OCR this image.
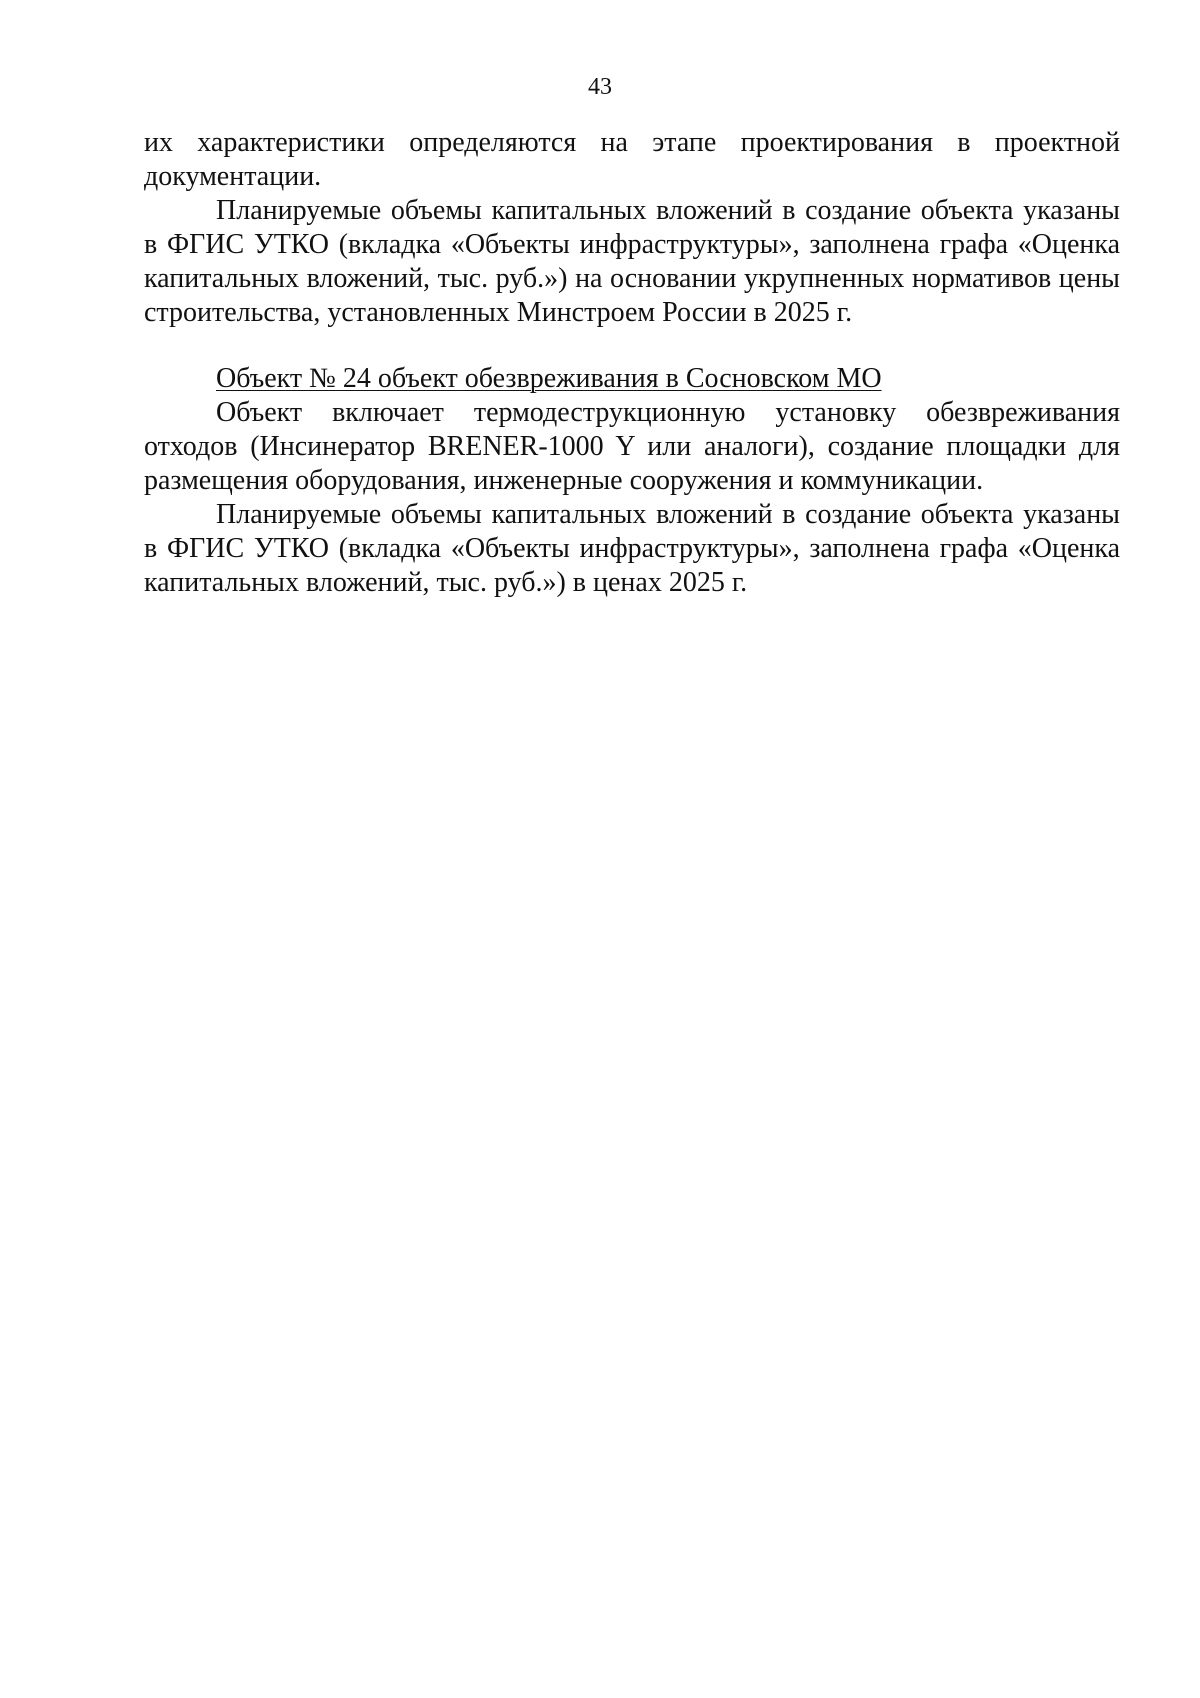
43

их характеристики определяются на этапе проектирования в проектной документации.

Планируемые объемы капитальных вложений в создание объекта указаны в ФГИС УТКО (вкладка «Объекты инфраструктуры», заполнена графа «Оценка капитальных вложений, тыс. руб.») на основании укрупненных нормативов цены строительства, установленных Минстроем России в 2025 г.

Объект № 24 объект обезвреживания в Сосновском МО

Объект включает термодеструкционную установку обезвреживания отходов (Инсинератор BRENER-1000 Y или аналоги), создание площадки для размещения оборудования, инженерные сооружения и коммуникации.

Планируемые объемы капитальных вложений в создание объекта указаны в ФГИС УТКО (вкладка «Объекты инфраструктуры», заполнена графа «Оценка капитальных вложений, тыс. руб.») в ценах 2025 г.
